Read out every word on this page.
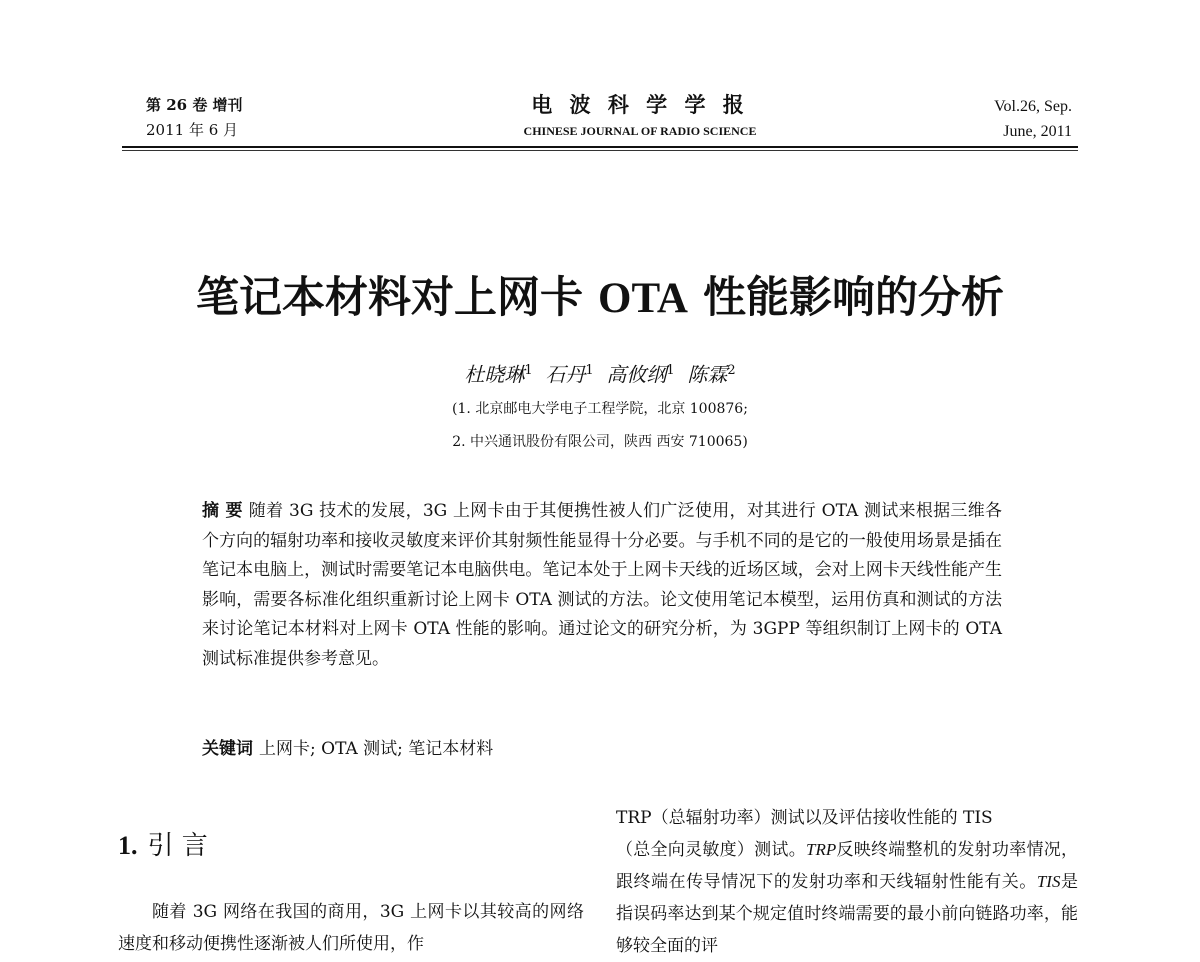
第 26 卷 增刊
2011 年 6 月
电 波 科 学 学 报
CHINESE JOURNAL OF RADIO SCIENCE
Vol.26, Sep.
June, 2011
笔记本材料对上网卡 OTA 性能影响的分析
杜晓琳$^1$ 石丹$^1$ 高攸纲$^1$ 陈霖$^2$
(1. 北京邮电大学电子工程学院，北京 100876;
2. 中兴通讯股份有限公司，陕西 西安 710065)
摘 要 随着 3G 技术的发展，3G 上网卡由于其便携性被人们广泛使用，对其进行 OTA 测试来根据三维各个方向的辐射功率和接收灵敏度来评价其射频性能显得十分必要。与手机不同的是它的一般使用场景是插在笔记本电脑上，测试时需要笔记本电脑供电。笔记本处于上网卡天线的近场区域，会对上网卡天线性能产生影响，需要各标准化组织重新讨论上网卡 OTA 测试的方法。论文使用笔记本模型，运用仿真和测试的方法来讨论笔记本材料对上网卡 OTA 性能的影响。通过论文的研究分析，为 3GPP 等组织制订上网卡的 OTA 测试标准提供参考意见。
关键词 上网卡; OTA 测试; 笔记本材料
1. 引 言

随着 3G 网络在我国的商用，3G 上网卡以其较高的网络速度和移动便携性逐渐被人们所使用，作

TRP（总辐射功率）测试以及评估接收性能的 TIS
（总全向灵敏度）测试。TRP反映终端整机的发射功率情况，跟终端在传导情况下的发射功率和天线辐射性能有关。TIS是指误码率达到某个规定值时终端需要的最小前向链路功率，能够较全面的评
